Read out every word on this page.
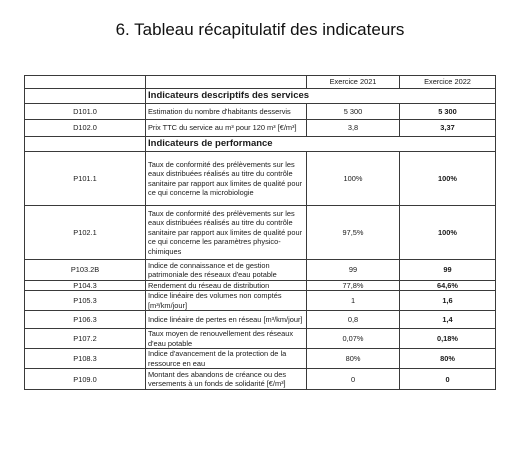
6. Tableau récapitulatif des indicateurs
		Exercice 2021	Exercice 2022
	Indicateurs descriptifs des services		
D101.0	Estimation du nombre d'habitants desservis	5 300	5 300
D102.0	Prix TTC du service au m³ pour 120 m³ [€/m³]	3,8	3,37
	Indicateurs de performance		
P101.1	Taux de conformité des prélèvements sur les eaux distribuées réalisés au titre du contrôle sanitaire par rapport aux limites de qualité pour ce qui concerne la microbiologie	100%	100%
P102.1	Taux de conformité des prélèvements sur les eaux distribuées réalisés au titre du contrôle sanitaire par rapport aux limites de qualité pour ce qui concerne les paramètres physico-chimiques	97,5%	100%
P103.2B	Indice de connaissance et de gestion patrimoniale des réseaux d'eau potable	99	99
P104.3	Rendement du réseau de distribution	77,8%	64,6%
P105.3	Indice linéaire des volumes non comptés [m³/km/jour]	1	1,6
P106.3	Indice linéaire de pertes en réseau [m³/km/jour]	0,8	1,4
P107.2	Taux moyen de renouvellement des réseaux d'eau potable	0,07%	0,18%
P108.3	Indice d'avancement de la protection de la ressource en eau	80%	80%
P109.0	Montant des abandons de créance ou des versements à un fonds de solidarité [€/m³]	0	0
